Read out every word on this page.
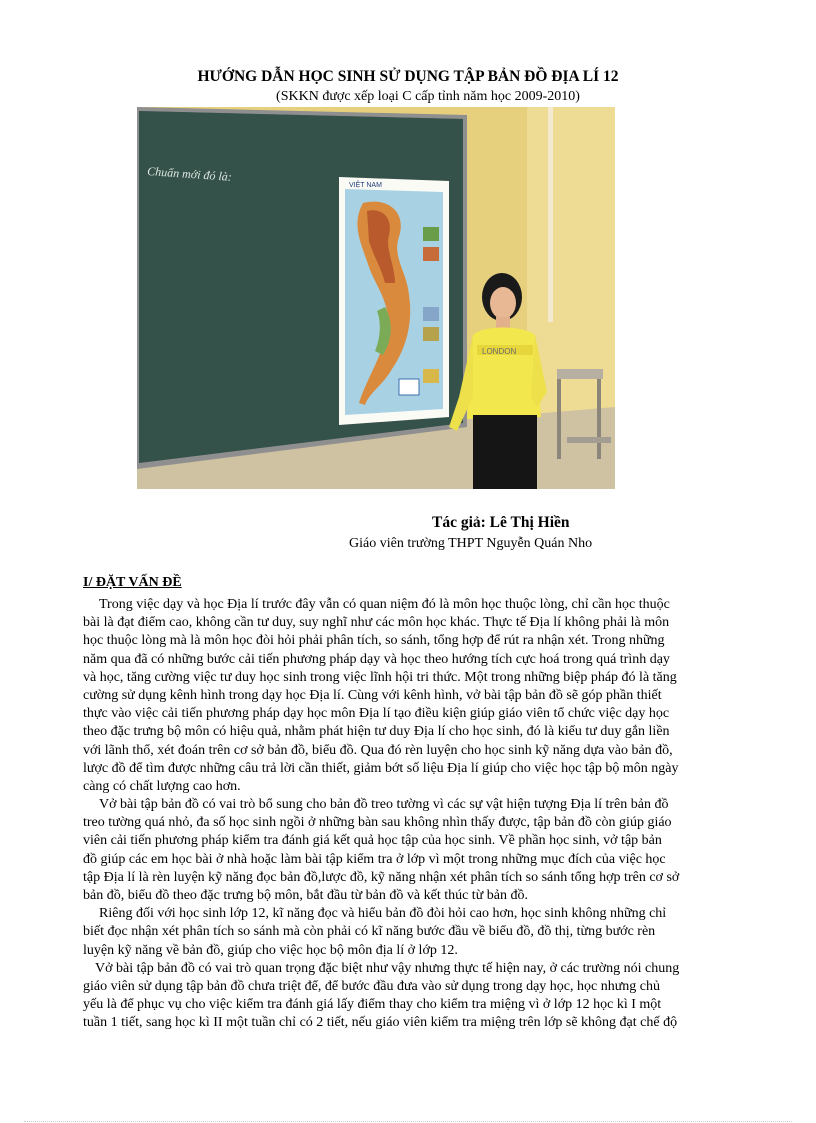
HƯỚNG DẪN HỌC SINH SỬ DỤNG TẬP BẢN ĐỒ ĐỊA LÍ 12

(SKKN được xếp loại C cấp tỉnh năm học 2009-2010)

Chuẩn mới đó là:
VIỆT NAM
LONDON

Tác giả: Lê Thị Hiền

Giáo viên trường THPT Nguyễn Quán Nho

I/ ĐẶT VẤN ĐỀ

Trong việc dạy và học Địa lí trước đây vẫn có quan niệm đó là môn học thuộc lòng, chỉ cần học thuộc
bài là đạt điểm cao, không cần tư duy, suy nghĩ như các môn học khác. Thực tế Địa lí không phải là môn
học thuộc lòng mà là môn học đòi hỏi phải phân tích, so sánh, tổng hợp để rút ra nhận xét. Trong những
năm qua đã có những bước cải tiến phương pháp dạy và học theo hướng tích cực hoá trong quá trình dạy
và học, tăng cường việc tư duy học sinh trong việc lĩnh hội tri thức. Một trong những biệp pháp đó là tăng
cường sử dụng kênh hình trong dạy học Địa lí. Cùng với kênh hình, vở bài tập bản đồ sẽ góp phần thiết
thực vào việc cải tiến phương pháp dạy học môn Địa lí tạo điều kiện giúp giáo viên tổ chức việc dạy học
theo đặc trưng bộ môn có hiệu quả, nhằm phát hiện tư duy Địa lí cho học sinh, đó là kiểu tư duy gắn liền
với lãnh thổ, xét đoán trên cơ sở bản đồ, biểu đồ. Qua đó rèn luyện cho học sinh kỹ năng dựa vào bản đồ,
lược đồ để tìm được những câu trả lời cần thiết, giảm bớt số liệu Địa lí giúp cho việc học tập bộ môn ngày
càng có chất lượng cao hơn.
Vở bài tập bản đồ có vai trò bổ sung cho bản đồ treo tường vì các sự vật hiện tượng Địa lí trên bản đồ
treo tường quá nhỏ, đa số học sinh ngồi ở những bàn sau không nhìn thấy được, tập bản đồ còn giúp giáo
viên cải tiến phương pháp kiểm tra đánh giá kết quả học tập của học sinh. Về phần học sinh, vở tập bản
đồ giúp các em học bài ở nhà hoặc làm bài tập kiểm tra ở lớp vì một trong những mục đích của việc học
tập Địa lí là rèn luyện kỹ năng đọc bản đồ,lược đồ, kỹ năng nhận xét phân tích so sánh tổng hợp trên cơ sở
bản đồ, biểu đồ theo đặc trưng bộ môn, bắt đầu từ bản đồ và kết thúc từ bản đồ.
Riêng đối với học sinh lớp 12, kĩ năng đọc và hiểu bản đồ đòi hỏi cao hơn, học sinh không những chỉ
biết đọc nhận xét phân tích so sánh mà còn phải có kĩ năng bước đầu về biểu đồ, đồ thị, từng bước rèn
luyện kỹ năng về bản đồ, giúp cho việc học bộ môn địa lí ở lớp 12.
Vở bài tập bản đồ có vai trò quan trọng đặc biệt như vậy nhưng thực tế hiện nay, ở các trường nói chung
giáo viên sử dụng tập bản đồ chưa triệt để, để bước đầu đưa vào sử dụng trong dạy học, học nhưng chủ
yếu là để phục vụ cho việc kiểm tra đánh giá lấy điểm thay cho kiểm tra miệng vì ở lớp 12 học kì I một
tuần 1 tiết, sang học kì II một tuần chỉ có 2 tiết, nếu giáo viên kiểm tra miệng trên lớp sẽ không đạt chế độ
